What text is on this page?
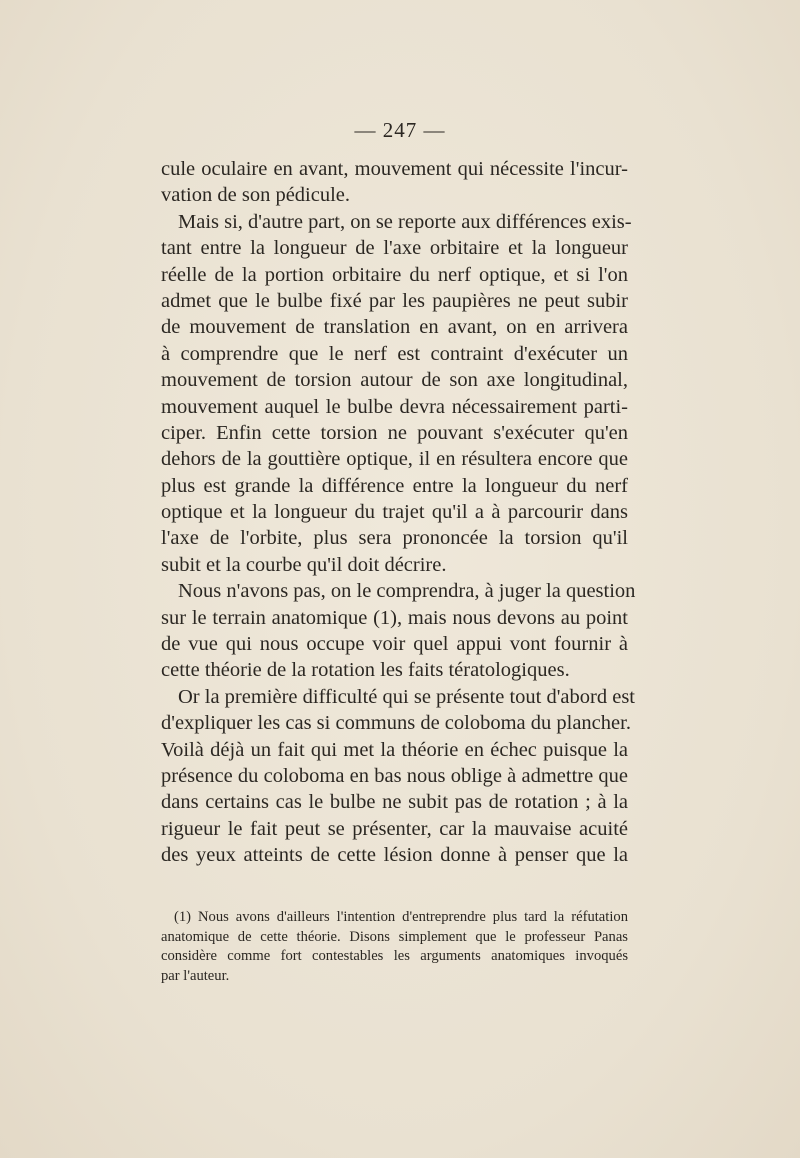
— 247 —
cule oculaire en avant, mouvement qui nécessite l'incur-
vation de son pédicule.
Mais si, d'autre part, on se reporte aux différences exis-
tant entre la longueur de l'axe orbitaire et la longueur
réelle de la portion orbitaire du nerf optique, et si l'on
admet que le bulbe fixé par les paupières ne peut subir
de mouvement de translation en avant, on en arrivera
à comprendre que le nerf est contraint d'exécuter un
mouvement de torsion autour de son axe longitudinal,
mouvement auquel le bulbe devra nécessairement parti-
ciper. Enfin cette torsion ne pouvant s'exécuter qu'en
dehors de la gouttière optique, il en résultera encore que
plus est grande la différence entre la longueur du nerf
optique et la longueur du trajet qu'il a à parcourir dans
l'axe de l'orbite, plus sera prononcée la torsion qu'il
subit et la courbe qu'il doit décrire.
Nous n'avons pas, on le comprendra, à juger la question
sur le terrain anatomique (1), mais nous devons au point
de vue qui nous occupe voir quel appui vont fournir à
cette théorie de la rotation les faits tératologiques.
Or la première difficulté qui se présente tout d'abord est
d'expliquer les cas si communs de coloboma du plancher.
Voilà déjà un fait qui met la théorie en échec puisque la
présence du coloboma en bas nous oblige à admettre que
dans certains cas le bulbe ne subit pas de rotation ; à la
rigueur le fait peut se présenter, car la mauvaise acuité
des yeux atteints de cette lésion donne à penser que la
(1) Nous avons d'ailleurs l'intention d'entreprendre plus tard la réfutation
anatomique de cette théorie. Disons simplement que le professeur Panas
considère comme fort contestables les arguments anatomiques invoqués
par l'auteur.
